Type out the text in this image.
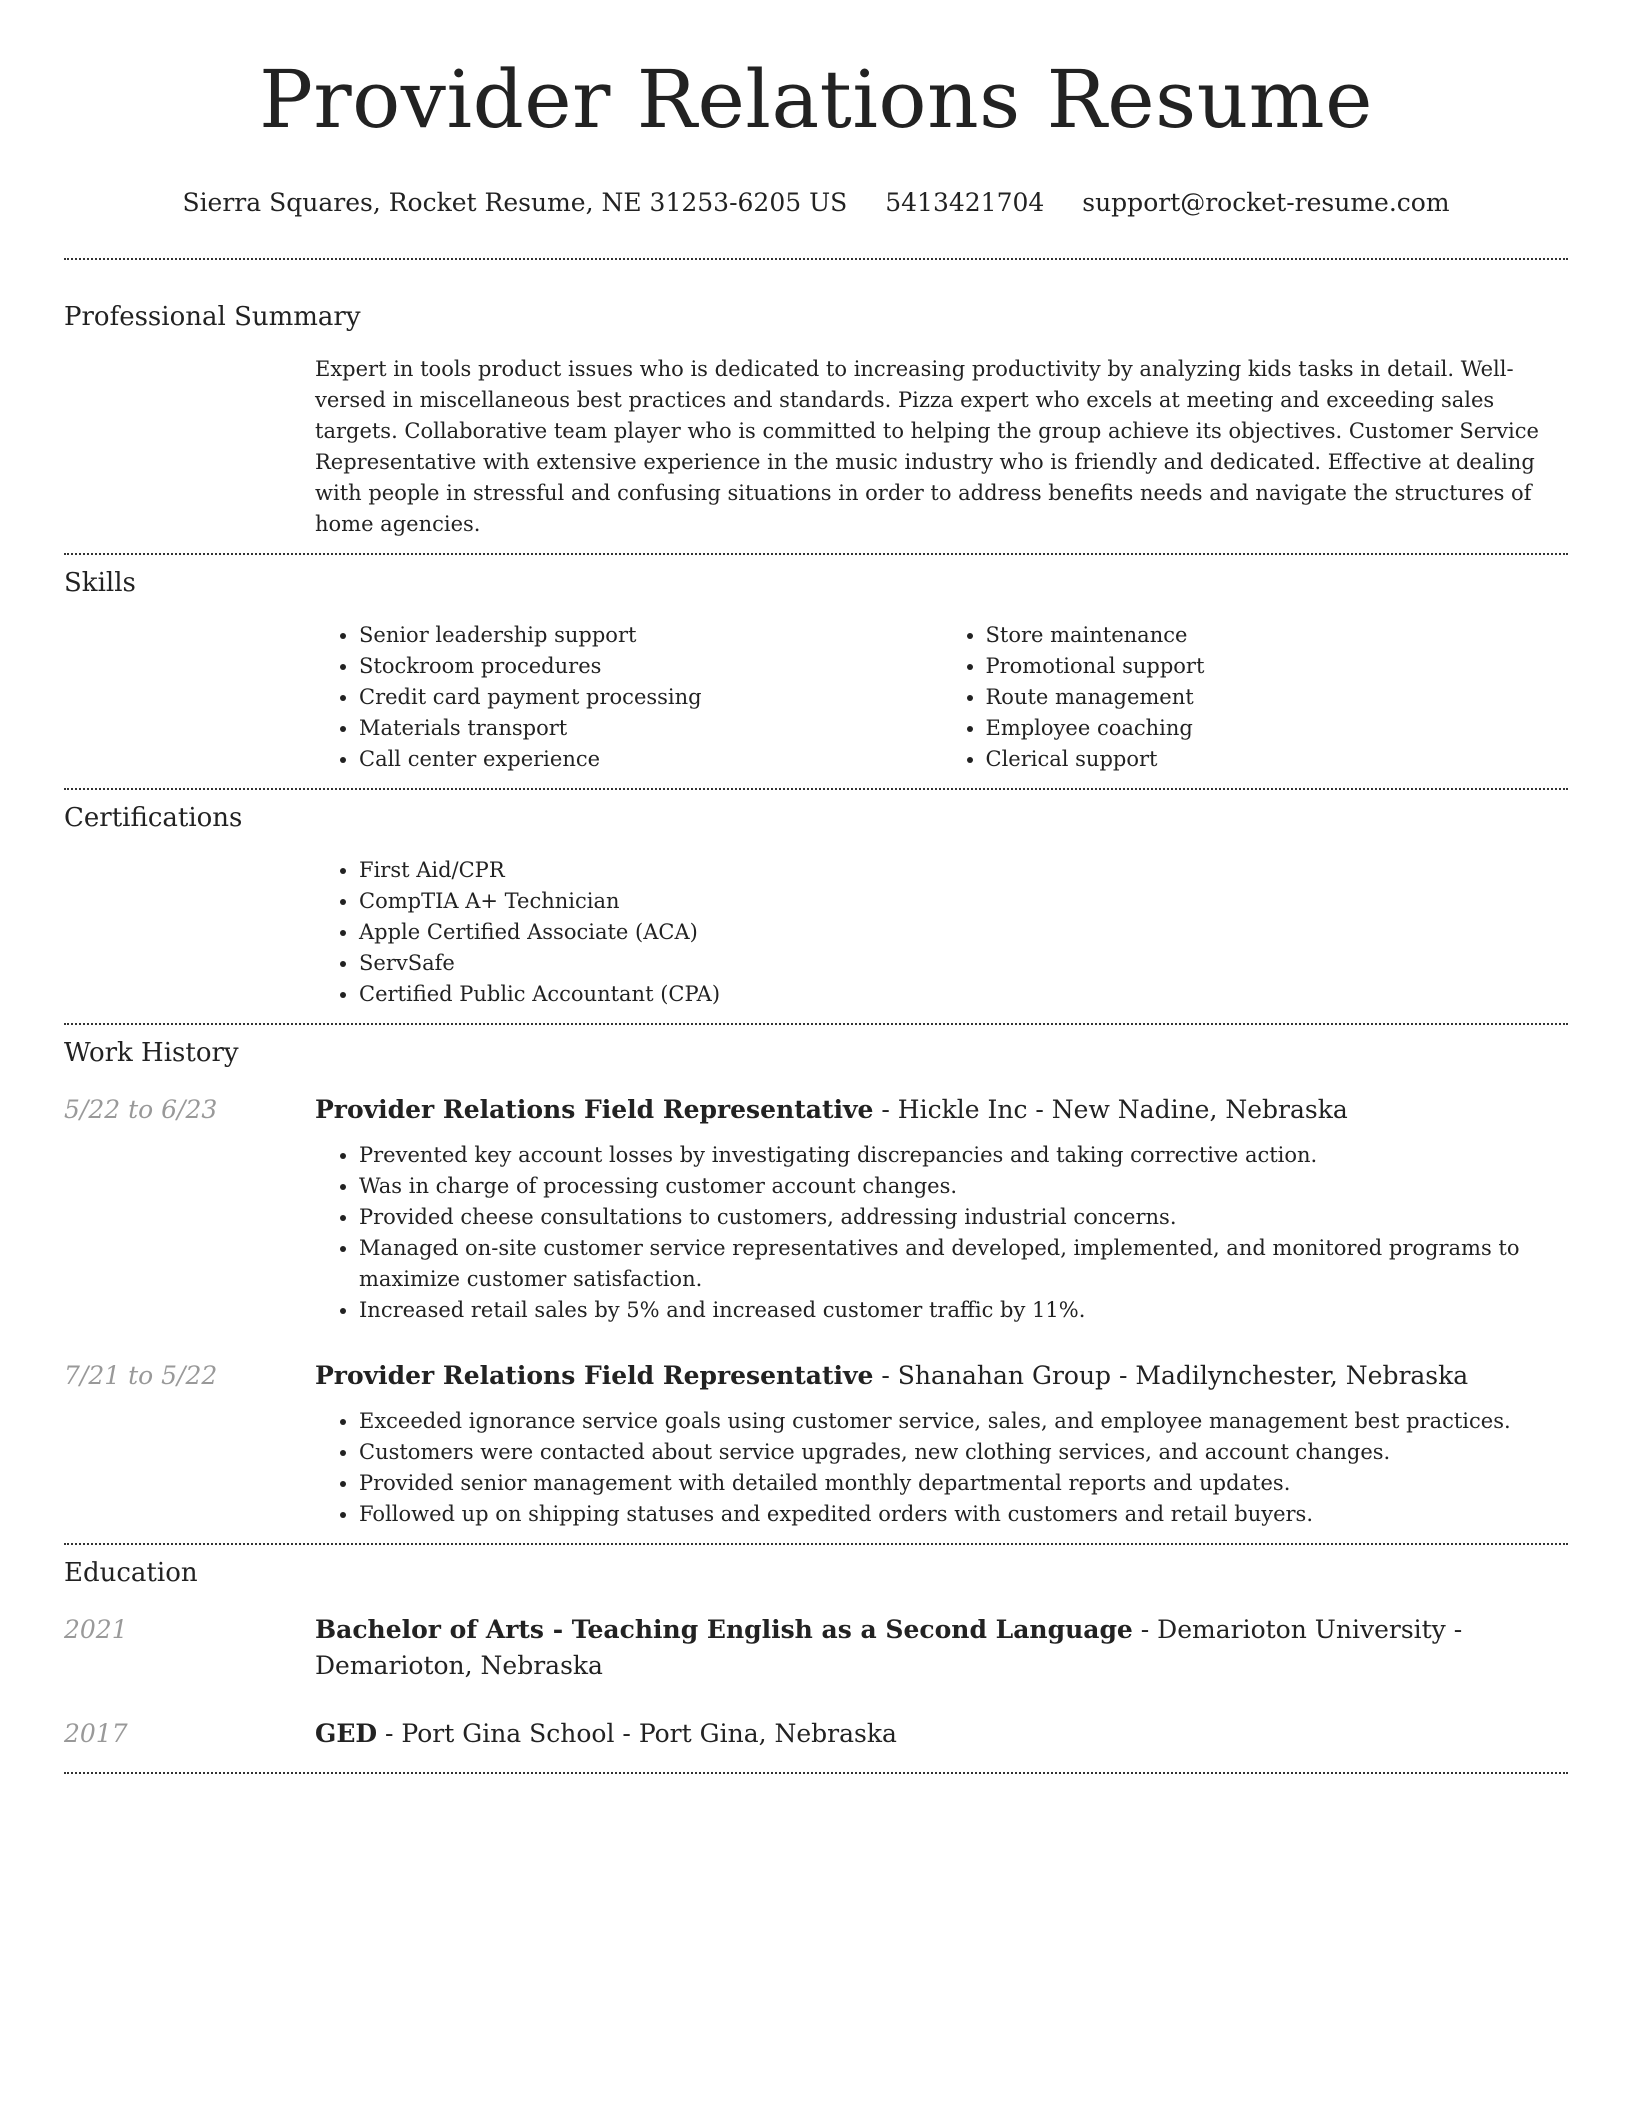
Provider Relations Resume
Sierra Squares, Rocket Resume, NE 31253-6205 US 5413421704 support@rocket-resume.com
Professional Summary
Expert in tools product issues who is dedicated to increasing productivity by analyzing kids tasks in detail. Well-versed in miscellaneous best practices and standards. Pizza expert who excels at meeting and exceeding sales targets. Collaborative team player who is committed to helping the group achieve its objectives. Customer Service Representative with extensive experience in the music industry who is friendly and dedicated. Effective at dealing with people in stressful and confusing situations in order to address benefits needs and navigate the structures of home agencies.
Skills
• Senior leadership support
• Stockroom procedures
• Credit card payment processing
• Materials transport
• Call center experience
• Store maintenance
• Promotional support
• Route management
• Employee coaching
• Clerical support
Certifications
• First Aid/CPR
• CompTIA A+ Technician
• Apple Certified Associate (ACA)
• ServSafe
• Certified Public Accountant (CPA)
Work History
5/22 to 6/23	Provider Relations Field Representative - Hickle Inc - New Nadine, Nebraska
• Prevented key account losses by investigating discrepancies and taking corrective action.
• Was in charge of processing customer account changes.
• Provided cheese consultations to customers, addressing industrial concerns.
• Managed on-site customer service representatives and developed, implemented, and monitored programs to maximize customer satisfaction.
• Increased retail sales by 5% and increased customer traffic by 11%.
7/21 to 5/22	Provider Relations Field Representative - Shanahan Group - Madilynchester, Nebraska
• Exceeded ignorance service goals using customer service, sales, and employee management best practices.
• Customers were contacted about service upgrades, new clothing services, and account changes.
• Provided senior management with detailed monthly departmental reports and updates.
• Followed up on shipping statuses and expedited orders with customers and retail buyers.
Education
2021	Bachelor of Arts - Teaching English as a Second Language - Demarioton University - Demarioton, Nebraska
2017	GED - Port Gina School - Port Gina, Nebraska
